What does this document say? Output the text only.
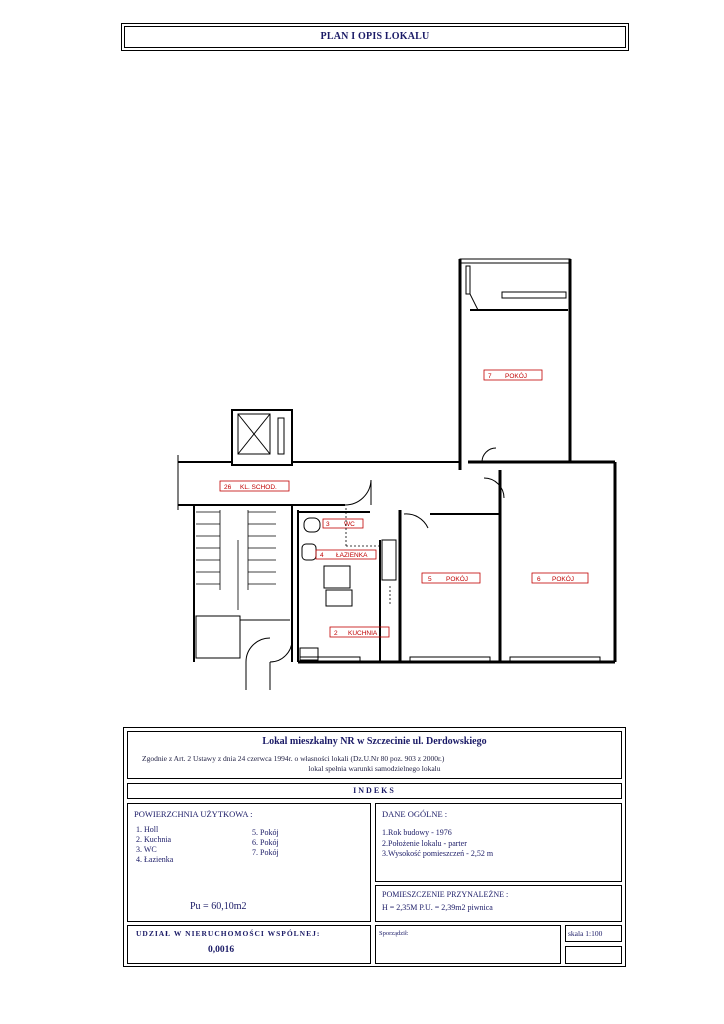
PLAN I OPIS LOKALU
26 KL. SCHOD.
3 WC
4 ŁAZIENKA
2 KUCHNIA
5 POKÓJ	6 POKÓJ
7 POKÓJ
Lokal mieszkalny NR w Szczecinie ul. Derdowskiego
Zgodnie z Art. 2 Ustawy z dnia 24 czerwca 1994r. o własności lokali (Dz.U.Nr 80 poz. 903 z 2000r.)
lokal spełnia warunki samodzielnego lokalu
INDEKS
POWIERZCHNIA UŻYTKOWA :
1. Holl
2. Kuchnia
3. WC
4. Łazienka
5. Pokój
6. Pokój
7. Pokój
Pu = 60,10m2
DANE OGÓLNE :
1.Rok budowy - 1976
2.Położenie lokalu - parter
3.Wysokość pomieszczeń - 2,52 m
POMIESZCZENIE PRZYNALEŻNE :
H = 2,35M P.U. = 2,39m2 piwnica
UDZIAŁ W NIERUCHOMOŚCI WSPÓLNEJ:
0,0016
Sporządził:	skala 1:100
